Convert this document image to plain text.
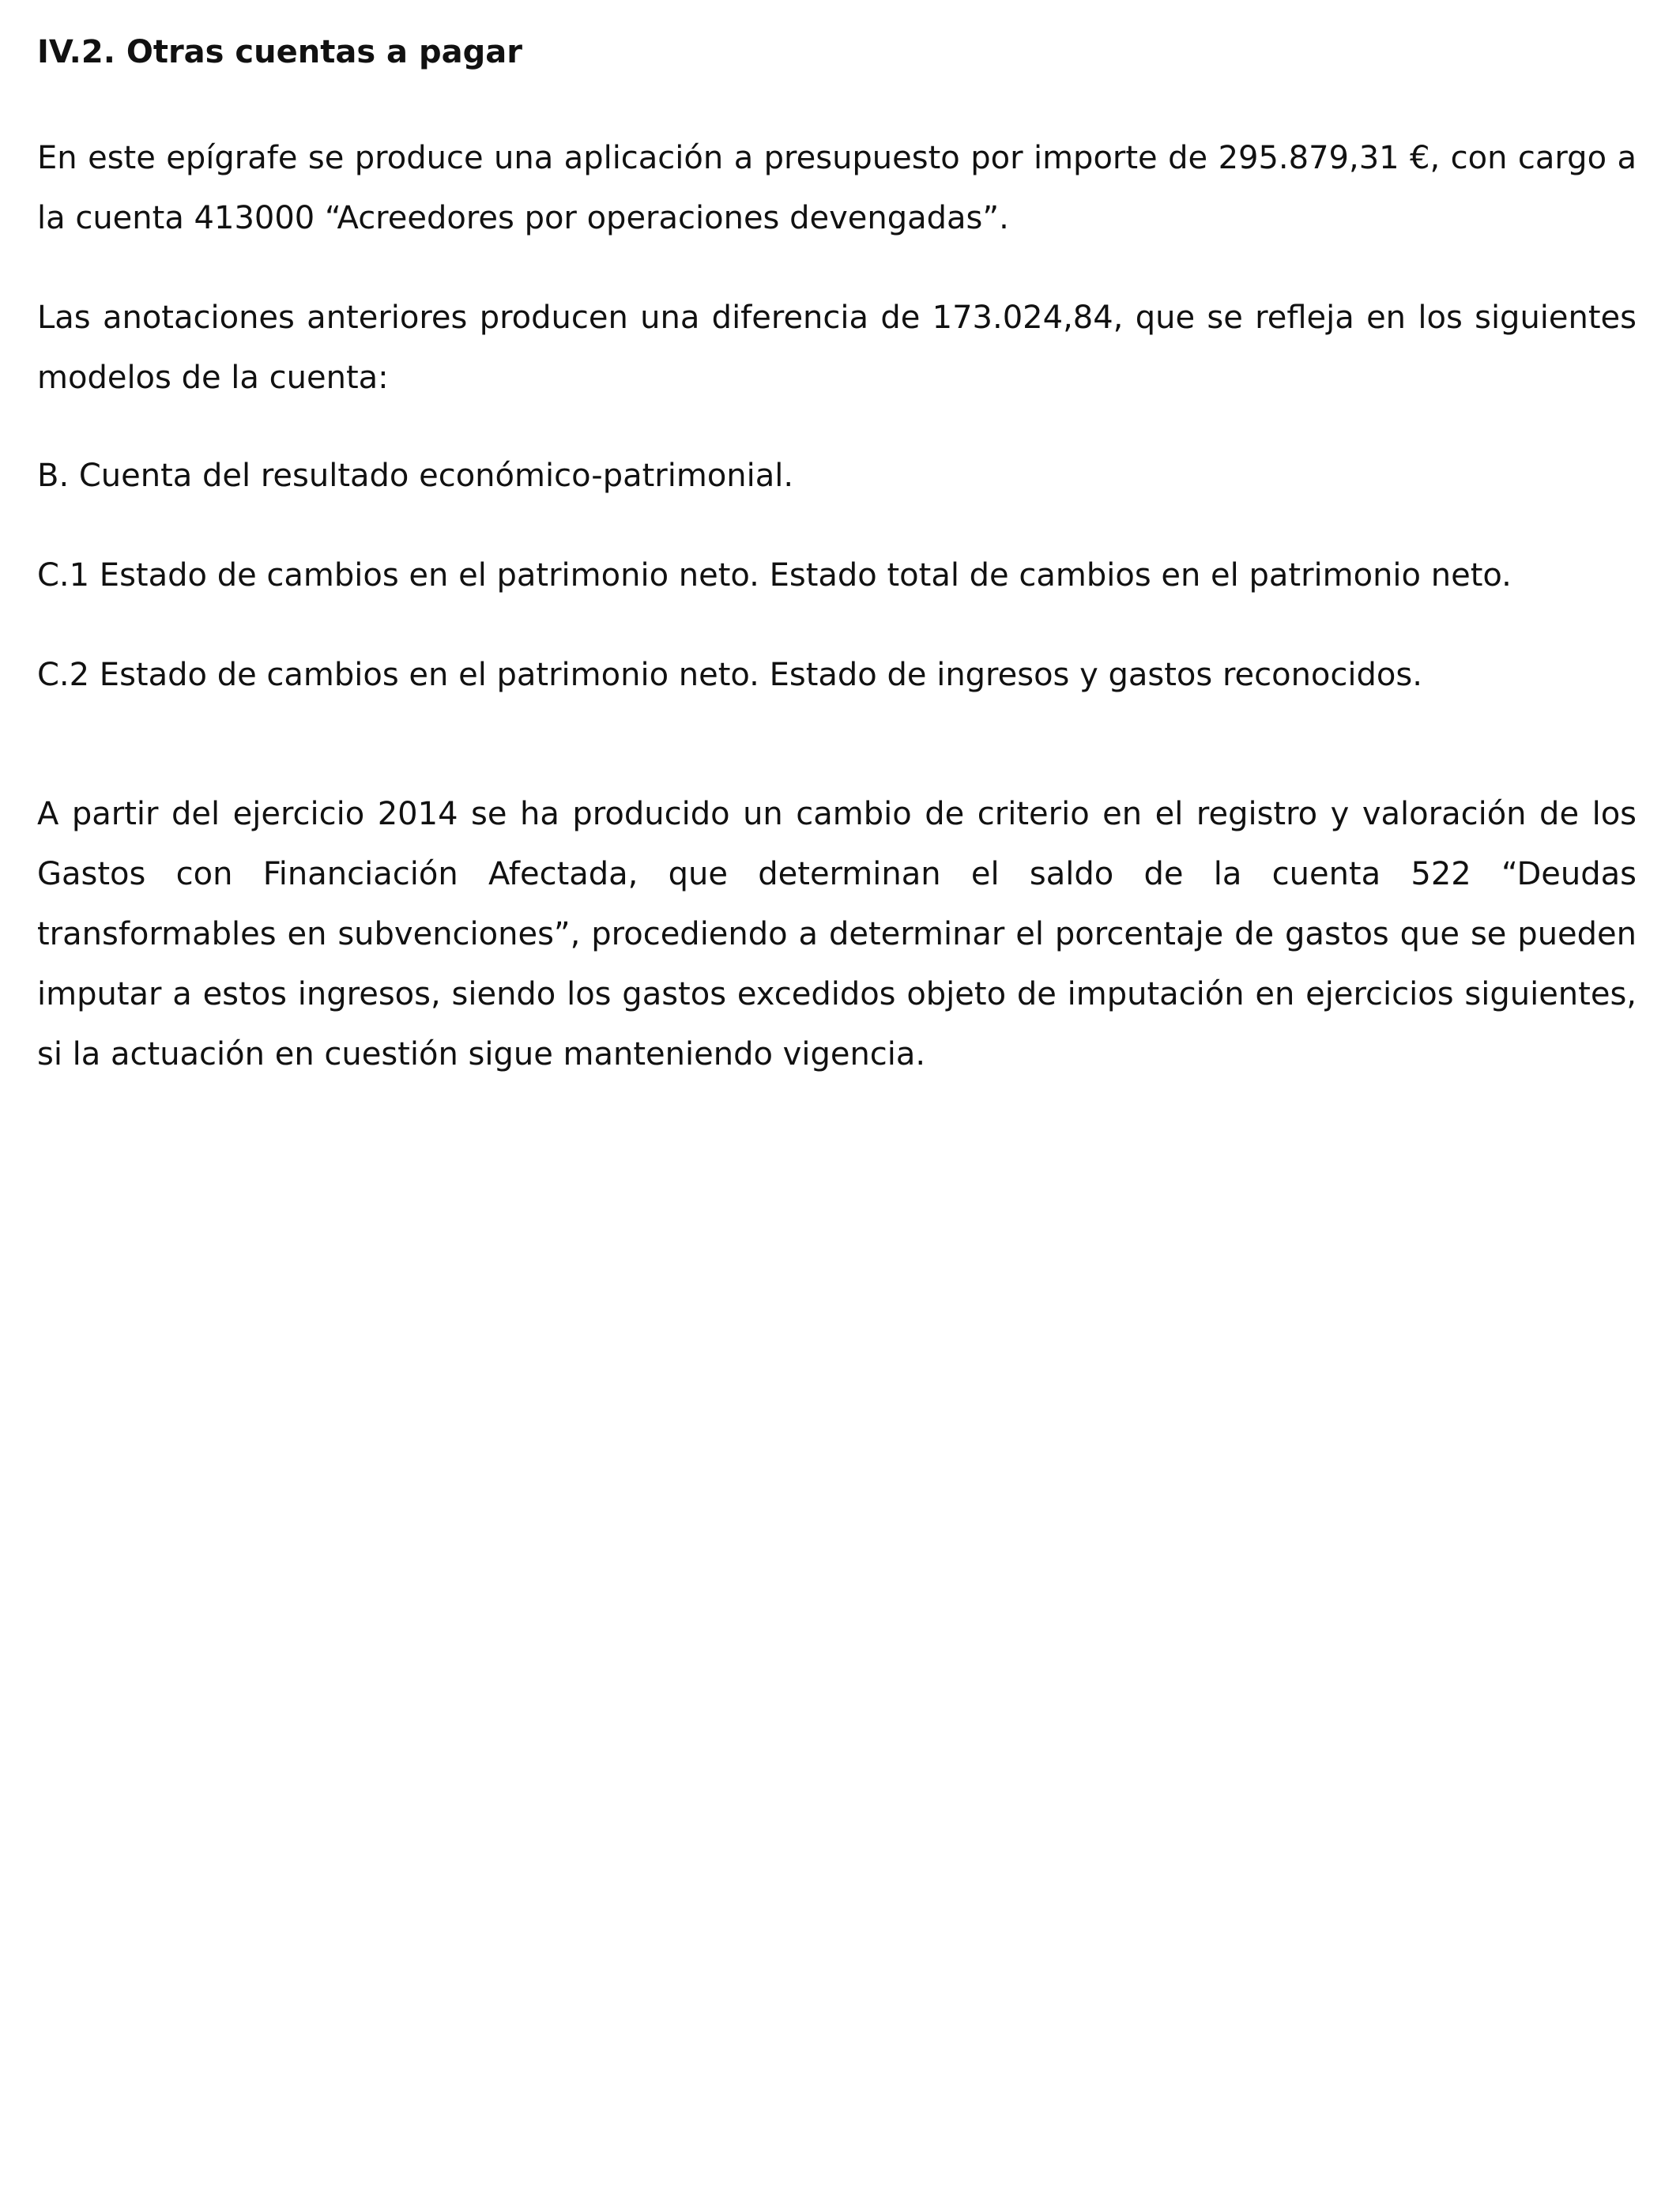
IV.2. Otras cuentas a pagar

En este epígrafe se produce una aplicación a presupuesto por importe de 295.879,31 €, con cargo a la cuenta 413000 “Acreedores por operaciones devengadas”.

Las anotaciones anteriores producen una diferencia de 173.024,84, que se refleja en los siguientes modelos de la cuenta:

B. Cuenta del resultado económico-patrimonial.

C.1 Estado de cambios en el patrimonio neto. Estado total de cambios en el patrimonio neto.

C.2 Estado de cambios en el patrimonio neto. Estado de ingresos y gastos reconocidos.

A partir del ejercicio 2014 se ha producido un cambio de criterio en el registro y valoración de los Gastos con Financiación Afectada, que determinan el saldo de la cuenta 522 “Deudas transformables en subvenciones”, procediendo a determinar el porcentaje de gastos que se pueden imputar a estos ingresos, siendo los gastos excedidos objeto de imputación en ejercicios siguientes, si la actuación en cuestión sigue manteniendo vigencia.
